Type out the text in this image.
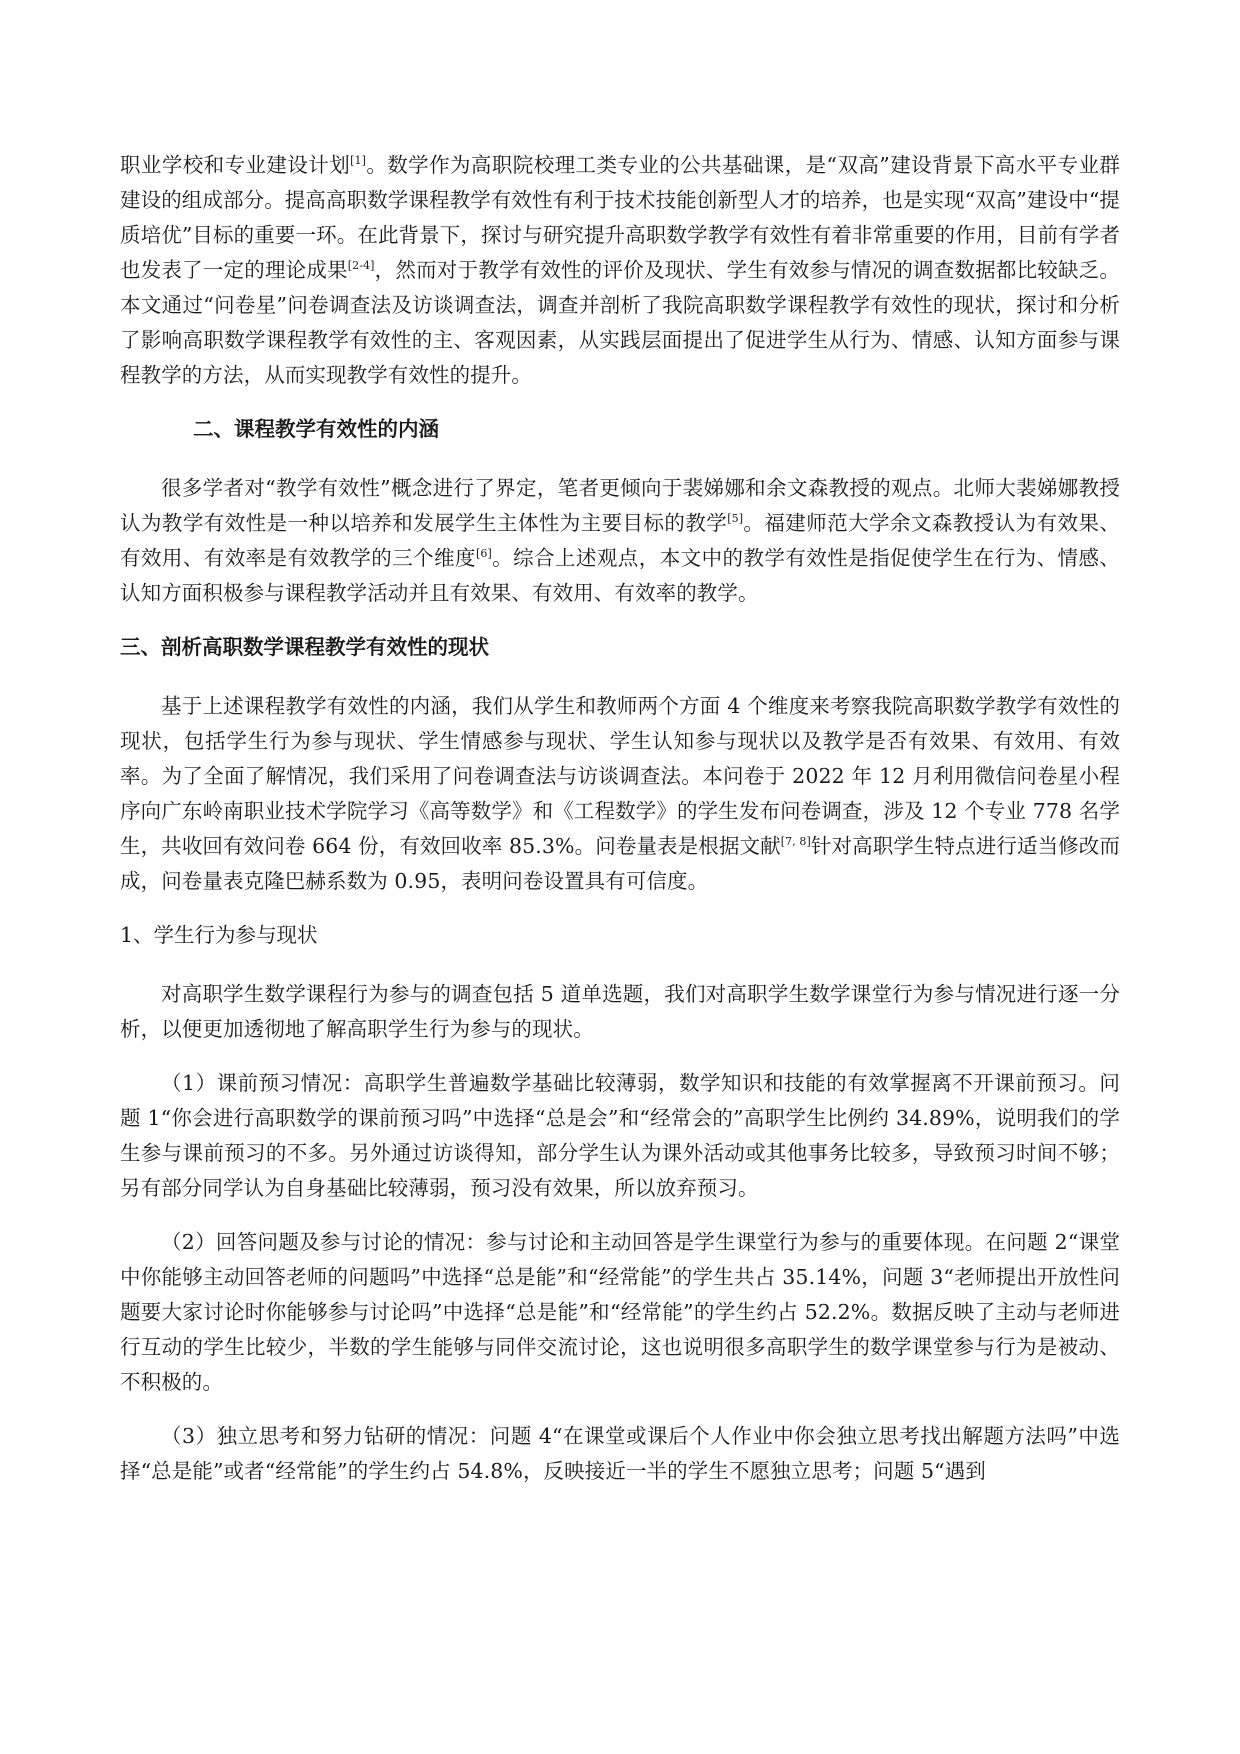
职业学校和专业建设计划[1]。数学作为高职院校理工类专业的公共基础课，是“双高”建设背景下高水平专业群建设的组成部分。提高高职数学课程教学有效性有利于技术技能创新型人才的培养，也是实现“双高”建设中“提质培优”目标的重要一环。在此背景下，探讨与研究提升高职数学教学有效性有着非常重要的作用，目前有学者也发表了一定的理论成果[2-4]，然而对于教学有效性的评价及现状、学生有效参与情况的调查数据都比较缺乏。本文通过“问卷星”问卷调查法及访谈调查法，调查并剖析了我院高职数学课程教学有效性的现状，探讨和分析了影响高职数学课程教学有效性的主、客观因素，从实践层面提出了促进学生从行为、情感、认知方面参与课程教学的方法，从而实现教学有效性的提升。

二、课程教学有效性的内涵

很多学者对“教学有效性”概念进行了界定，笔者更倾向于裴娣娜和余文森教授的观点。北师大裴娣娜教授认为教学有效性是一种以培养和发展学生主体性为主要目标的教学[5]。福建师范大学余文森教授认为有效果、有效用、有效率是有效教学的三个维度[6]。综合上述观点，本文中的教学有效性是指促使学生在行为、情感、认知方面积极参与课程教学活动并且有效果、有效用、有效率的教学。

三、剖析高职数学课程教学有效性的现状

基于上述课程教学有效性的内涵，我们从学生和教师两个方面 4 个维度来考察我院高职数学教学有效性的现状，包括学生行为参与现状、学生情感参与现状、学生认知参与现状以及教学是否有效果、有效用、有效率。为了全面了解情况，我们采用了问卷调查法与访谈调查法。本问卷于 2022 年 12 月利用微信问卷星小程序向广东岭南职业技术学院学习《高等数学》和《工程数学》的学生发布问卷调查，涉及 12 个专业 778 名学生，共收回有效问卷 664 份，有效回收率 85.3%。问卷量表是根据文献[7, 8]针对高职学生特点进行适当修改而成，问卷量表克隆巴赫系数为 0.95，表明问卷设置具有可信度。

1、学生行为参与现状

对高职学生数学课程行为参与的调查包括 5 道单选题，我们对高职学生数学课堂行为参与情况进行逐一分析，以便更加透彻地了解高职学生行为参与的现状。

（1）课前预习情况：高职学生普遍数学基础比较薄弱，数学知识和技能的有效掌握离不开课前预习。问题 1“你会进行高职数学的课前预习吗”中选择“总是会”和“经常会的”高职学生比例约 34.89%，说明我们的学生参与课前预习的不多。另外通过访谈得知，部分学生认为课外活动或其他事务比较多，导致预习时间不够；另有部分同学认为自身基础比较薄弱，预习没有效果，所以放弃预习。

（2）回答问题及参与讨论的情况：参与讨论和主动回答是学生课堂行为参与的重要体现。在问题 2“课堂中你能够主动回答老师的问题吗”中选择“总是能”和“经常能”的学生共占 35.14%，问题 3“老师提出开放性问题要大家讨论时你能够参与讨论吗”中选择“总是能”和“经常能”的学生约占 52.2%。数据反映了主动与老师进行互动的学生比较少，半数的学生能够与同伴交流讨论，这也说明很多高职学生的数学课堂参与行为是被动、不积极的。

（3）独立思考和努力钻研的情况：问题 4“在课堂或课后个人作业中你会独立思考找出解题方法吗”中选择“总是能”或者“经常能”的学生约占 54.8%，反映接近一半的学生不愿独立思考；问题 5“遇到
